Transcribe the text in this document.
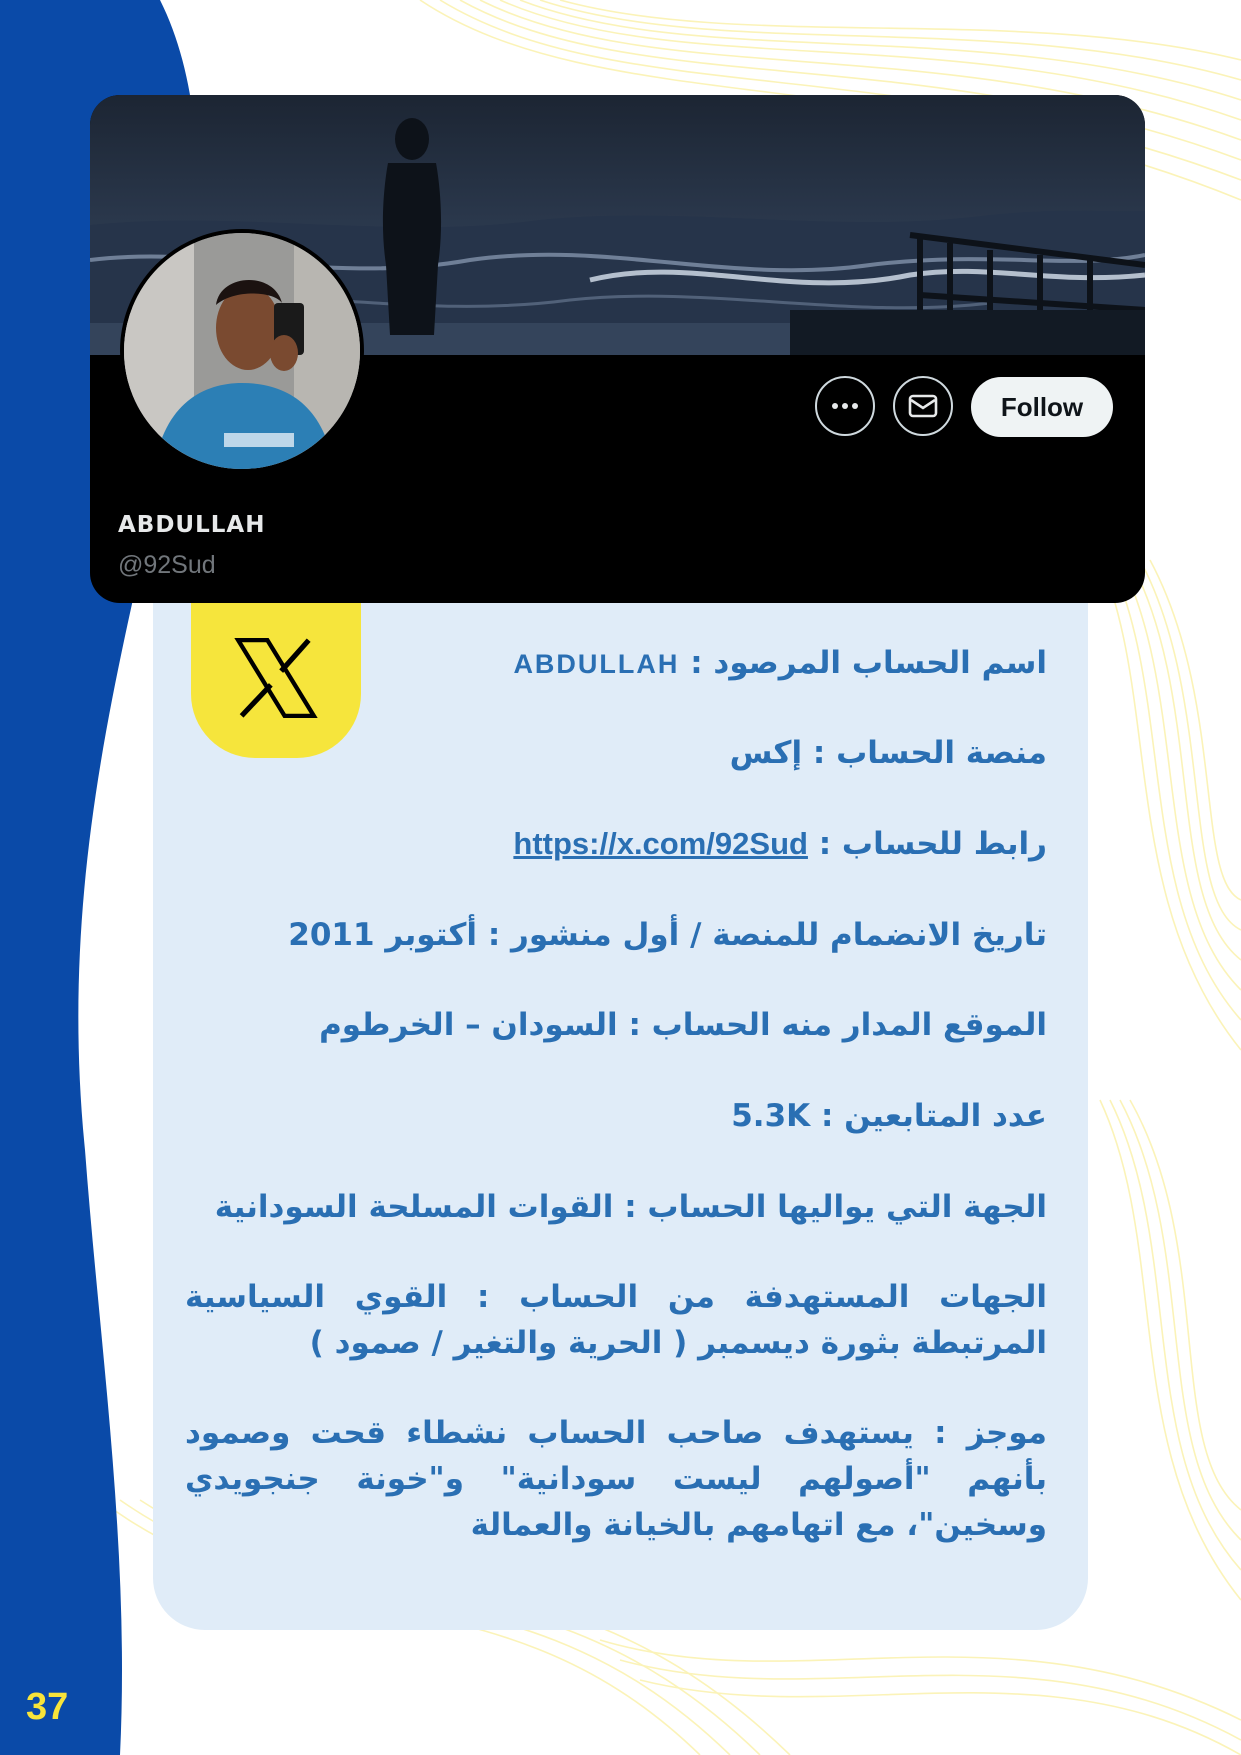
37
Follow
ABDULLAH
@92Sud
اسم الحساب المرصود : ABDULLAH
منصة الحساب : إكس
رابط للحساب : https://x.com/92Sud
تاريخ الانضمام للمنصة / أول منشور : أكتوبر 2011
الموقع المدار منه الحساب : السودان – الخرطوم
عدد المتابعين : 5.3K
الجهة التي يواليها الحساب : القوات المسلحة السودانية
الجهات المستهدفة من الحساب : القوي السياسية المرتبطة بثورة ديسمبر ( الحرية والتغير / صمود )
موجز : يستهدف صاحب الحساب نشطاء قحت وصمود بأنهم "أصولهم ليست سودانية" و"خونة جنجويدي وسخين"، مع اتهامهم بالخيانة والعمالة
